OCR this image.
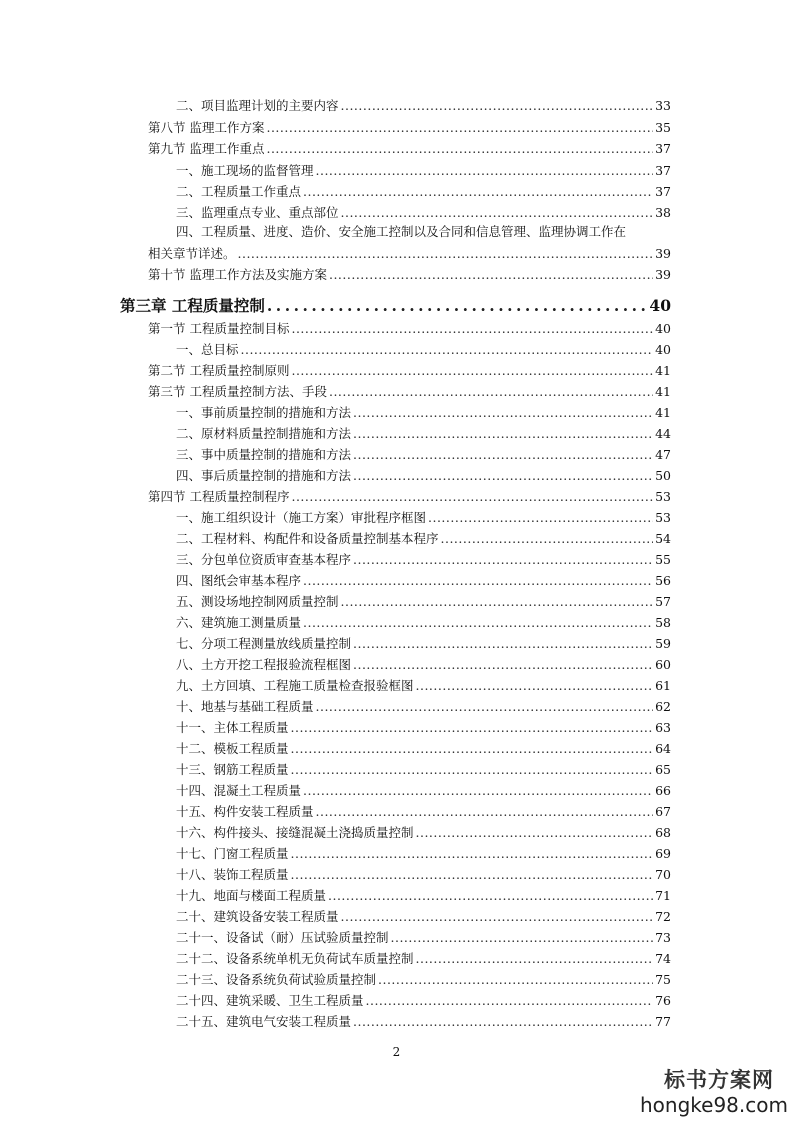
二、项目监理计划的主要内容 .....	33
第八节 监理工作方案 .....	35
第九节 监理工作重点 .....	37
一、施工现场的监督管理 .....	37
二、工程质量工作重点 .....	37
三、监理重点专业、重点部位 .....	38
四、工程质量、进度、造价、安全施工控制以及合同和信息管理、监理协调工作在
相关章节详述。 .....	39
第十节 监理工作方法及实施方案 .....	39
第三章 工程质量控制 .....	40
第一节 工程质量控制目标 .....	40
一、总目标 .....	40
第二节 工程质量控制原则 .....	41
第三节 工程质量控制方法、手段 .....	41
一、事前质量控制的措施和方法 .....	41
二、原材料质量控制措施和方法 .....	44
三、事中质量控制的措施和方法 .....	47
四、事后质量控制的措施和方法 .....	50
第四节 工程质量控制程序 .....	53
一、施工组织设计（施工方案）审批程序框图 .....	53
二、工程材料、构配件和设备质量控制基本程序 .....	54
三、分包单位资质审查基本程序 .....	55
四、图纸会审基本程序 .....	56
五、测设场地控制网质量控制 .....	57
六、建筑施工测量质量 .....	58
七、分项工程测量放线质量控制 .....	59
八、土方开挖工程报验流程框图 .....	60
九、土方回填、工程施工质量检查报验框图 .....	61
十、地基与基础工程质量 .....	62
十一、主体工程质量 .....	63
十二、模板工程质量 .....	64
十三、钢筋工程质量 .....	65
十四、混凝土工程质量 .....	66
十五、构件安装工程质量 .....	67
十六、构件接头、接缝混凝土浇捣质量控制 .....	68
十七、门窗工程质量 .....	69
十八、装饰工程质量 .....	70
十九、地面与楼面工程质量 .....	71
二十、建筑设备安装工程质量 .....	72
二十一、设备试（耐）压试验质量控制 .....	73
二十二、设备系统单机无负荷试车质量控制 .....	74
二十三、设备系统负荷试验质量控制 .....	75
二十四、建筑采暖、卫生工程质量 .....	76
二十五、建筑电气安装工程质量 .....	77
2
标书方案网
hongke98.com
